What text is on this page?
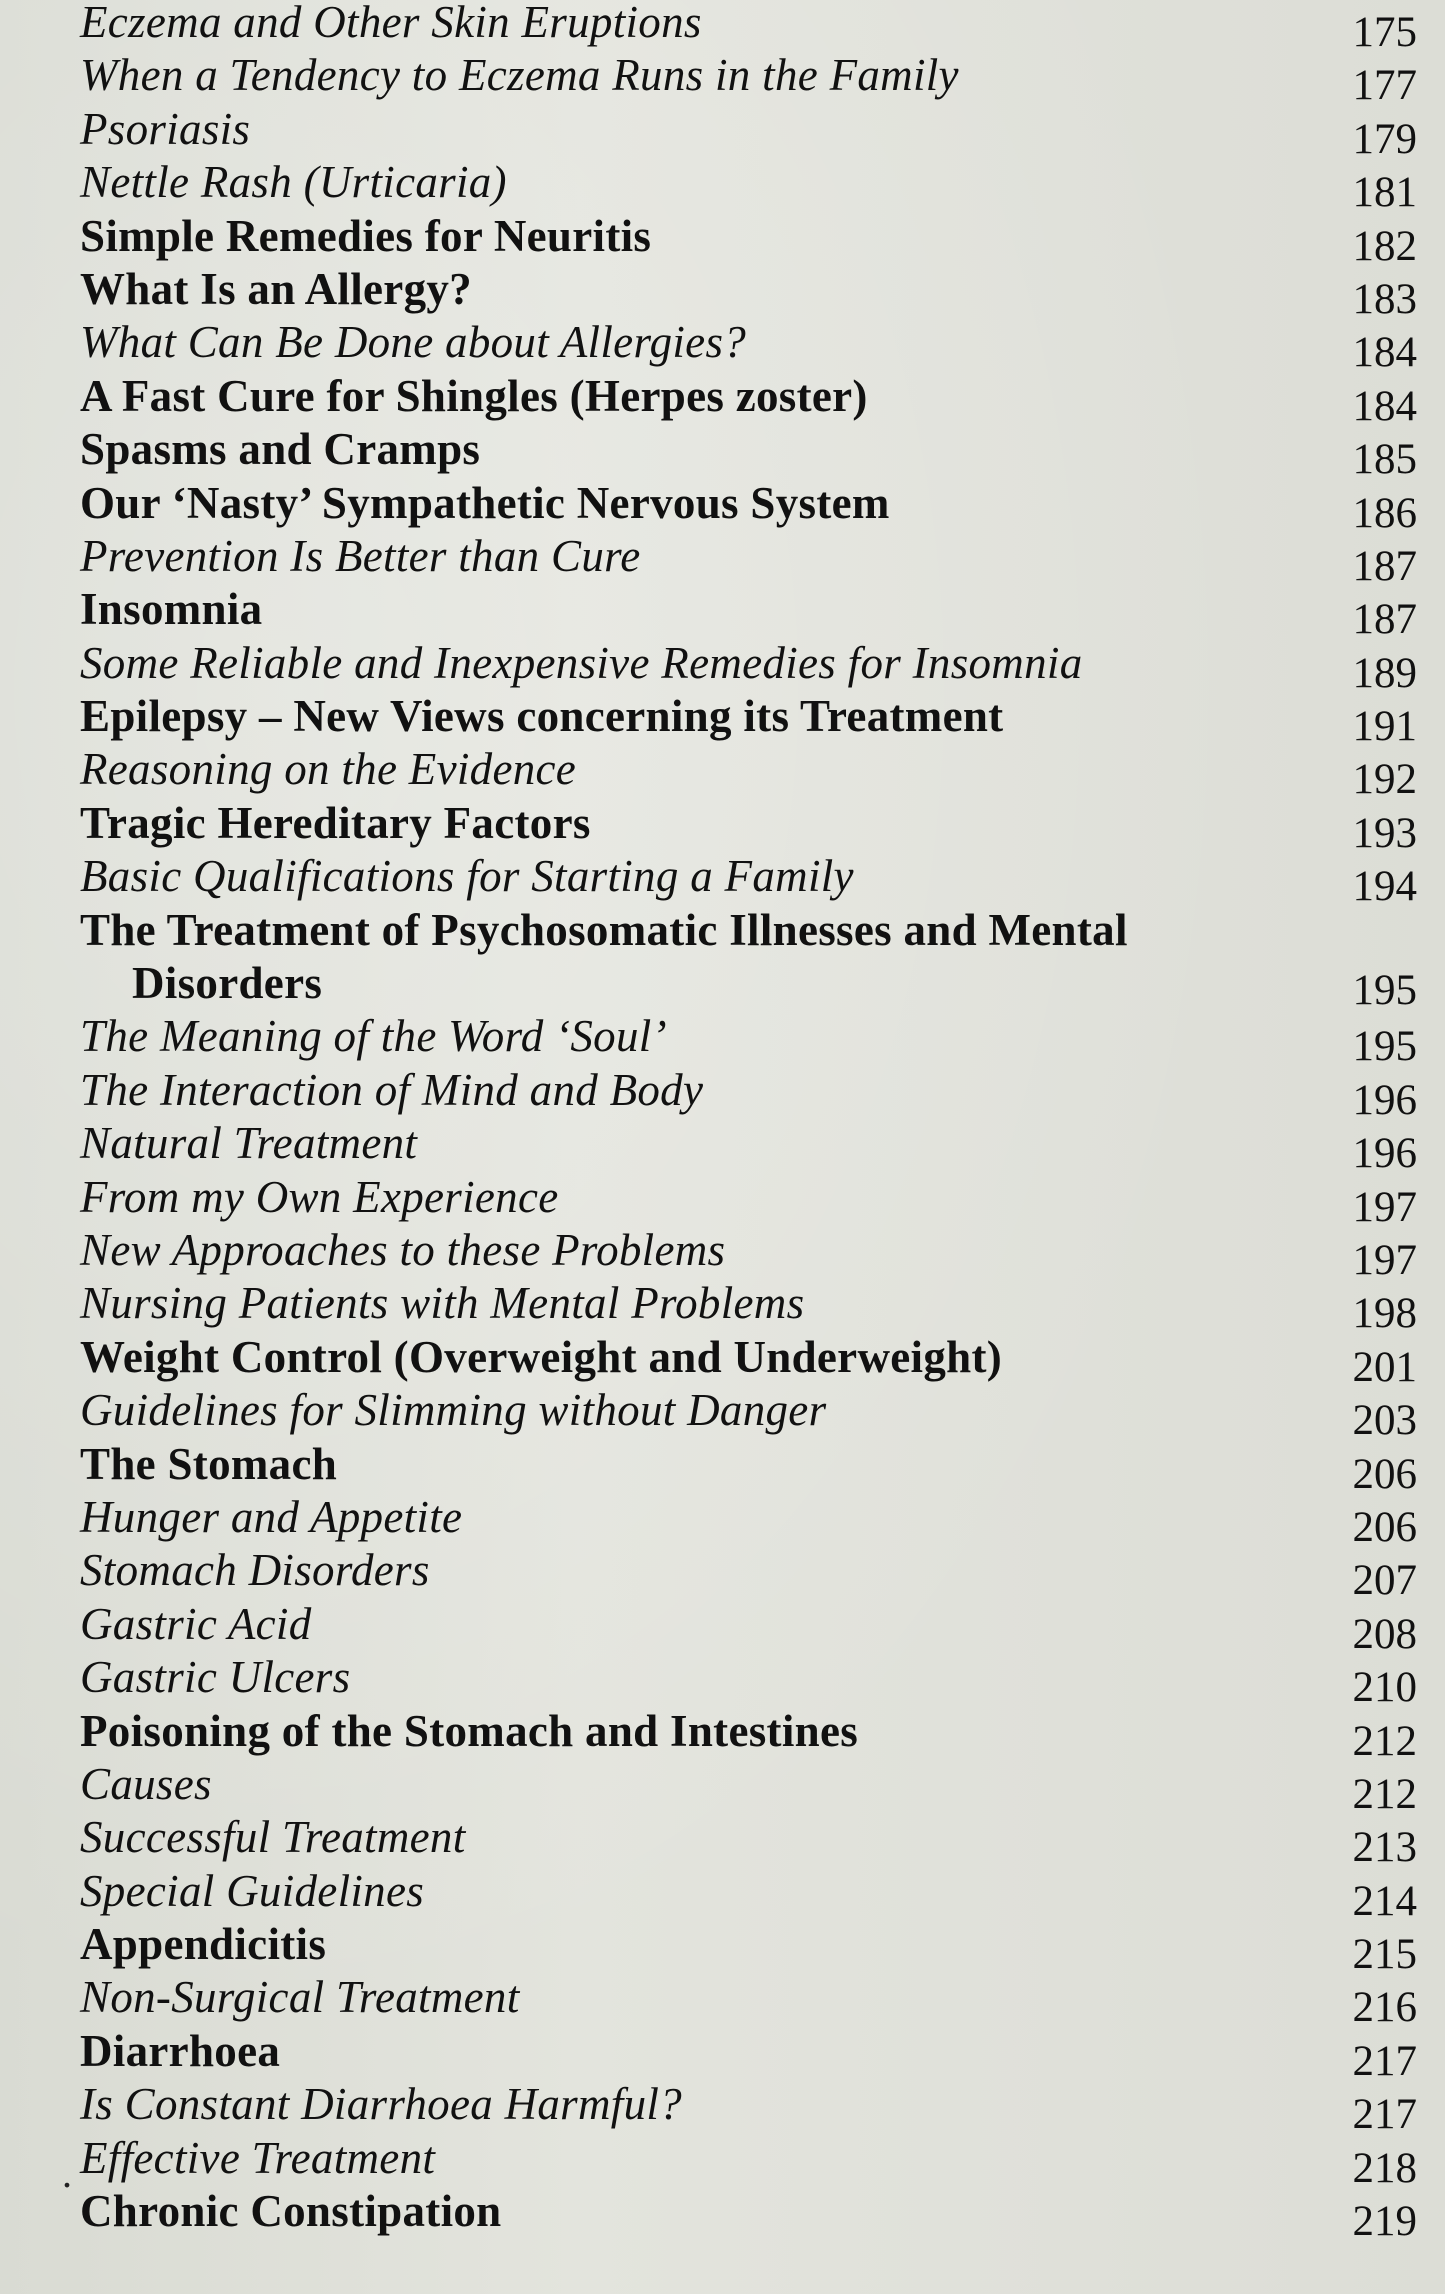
Eczema and Other Skin Eruptions	175
When a Tendency to Eczema Runs in the Family	177
Psoriasis	179
Nettle Rash (Urticaria)	181
Simple Remedies for Neuritis	182
What Is an Allergy?	183
What Can Be Done about Allergies?	184
A Fast Cure for Shingles (Herpes zoster)	184
Spasms and Cramps	185
Our ‘Nasty’ Sympathetic Nervous System	186
Prevention Is Better than Cure	187
Insomnia	187
Some Reliable and Inexpensive Remedies for Insomnia	189
Epilepsy – New Views concerning its Treatment	191
Reasoning on the Evidence	192
Tragic Hereditary Factors	193
Basic Qualifications for Starting a Family	194
The Treatment of Psychosomatic Illnesses and Mental
Disorders	195
The Meaning of the Word ‘Soul’	195
The Interaction of Mind and Body	196
Natural Treatment	196
From my Own Experience	197
New Approaches to these Problems	197
Nursing Patients with Mental Problems	198
Weight Control (Overweight and Underweight)	201
Guidelines for Slimming without Danger	203
The Stomach	206
Hunger and Appetite	206
Stomach Disorders	207
Gastric Acid	208
Gastric Ulcers	210
Poisoning of the Stomach and Intestines	212
Causes	212
Successful Treatment	213
Special Guidelines	214
Appendicitis	215
Non-Surgical Treatment	216
Diarrhoea	217
Is Constant Diarrhoea Harmful?	217
. Effective Treatment	218
Chronic Constipation	219
